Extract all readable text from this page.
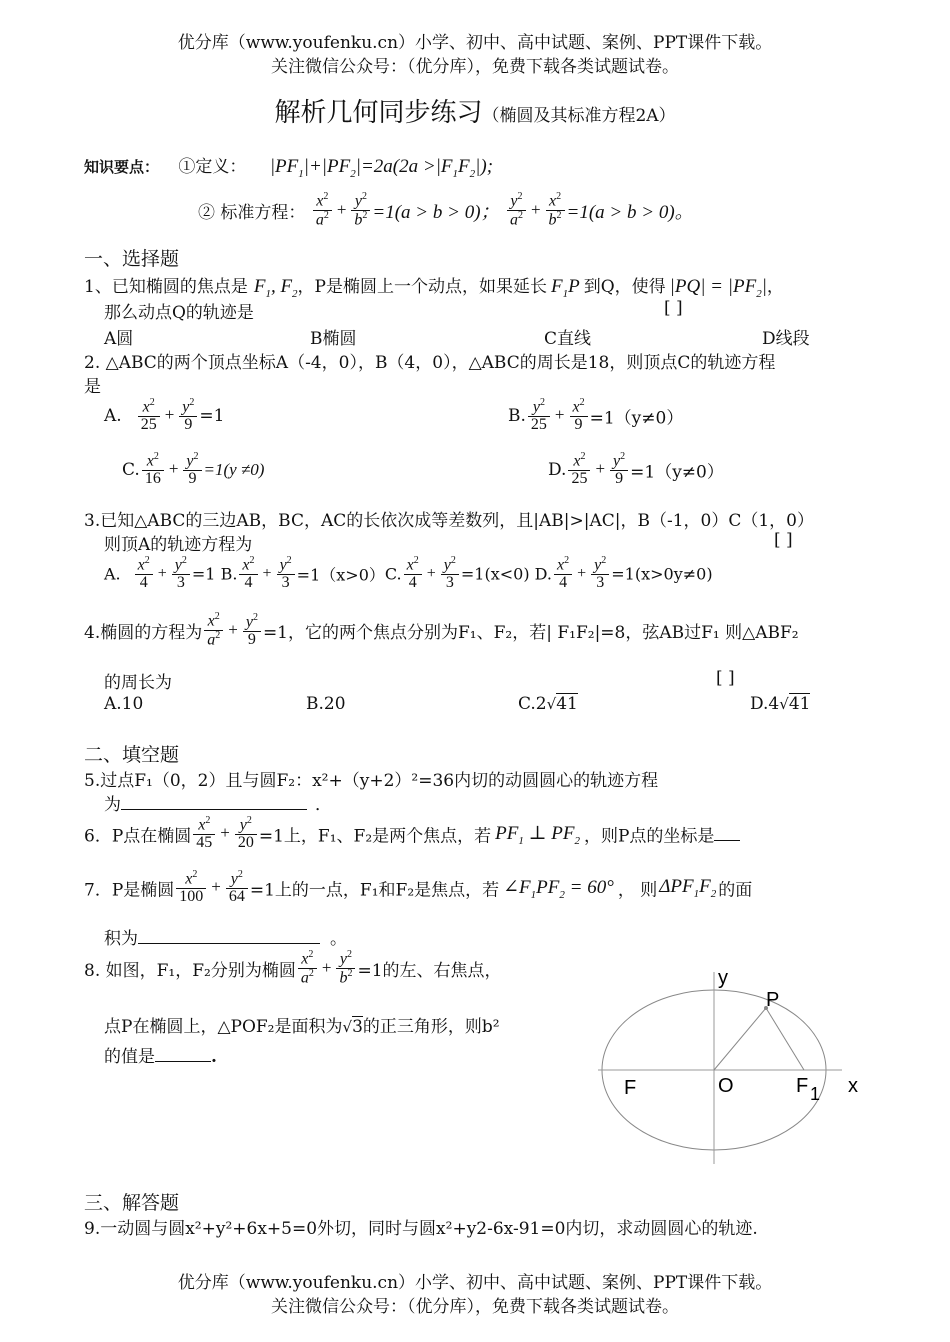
优分库（www.youfenku.cn）小学、初中、高中试题、案例、PPT课件下载。
关注微信公众号：（优分库），免费下载各类试题试卷。
解析几何同步练习（椭圆及其标准方程2A）
知识要点： ①定义： $|PF_1|+|PF_2|=2a(2a >|F_1F_2|)$;
② 标准方程： $\frac{x^2}{a^2} + \frac{y^2}{b^2} =1(a > b > 0)$； $\frac{y^2}{a^2} + \frac{x^2}{b^2} =1(a > b > 0)$。
一、选择题
1、已知椭圆的焦点是 $F_1$, $F_2$，P是椭圆上一个动点，如果延长 $F_1P$ 到Q，使得 $|PQ| = |PF_2|$，
那么动点Q的轨迹是	[ ]
A圆	B椭圆	C直线	D线段
2. △ABC的两个顶点坐标A（-4，0），B（4，0），△ABC的周长是18，则顶点C的轨迹方程
是
A. $\frac{x^2}{25} + \frac{y^2}{9} =1$	B. $\frac{y^2}{25} + \frac{x^2}{9} =1(y\ne 0)$
C. $\frac{x^2}{16} + \frac{y^2}{9} =1(y \ne 0)$	D. $\frac{x^2}{25} + \frac{y^2}{9} =1(y\ne 0)$
3.已知△ABC的三边AB，BC，AC的长依次成等差数列，且|AB|>|AC|，B（-1，0）C（1，0）
则顶A的轨迹方程为	[ ]
A. $\frac{x^2}{4} + \frac{y^2}{3} =1$ B. $\frac{x^2}{4} + \frac{y^2}{3} =1(x>0)C$. $\frac{x^2}{4} + \frac{y^2}{3} =1(x<0)$ D. $\frac{x^2}{4} + \frac{y^2}{3} =1(x>0y\ne 0)$
4.椭圆的方程为 $\frac{x^2}{a^2} + \frac{y^2}{9} =1$，它的两个焦点分别为F₁、F₂，若| F₁F₂|=8，弦AB过F₁ 则△ABF₂
的周长为	[ ]
A.10	B.20	C.2√41	D.4√41
二、填空题
5.过点F₁（0，2）且与圆F₂：x²+（y+2）²=36内切的动圆圆心的轨迹方程
为	．
6．P点在椭圆 $\frac{x^2}{45} + \frac{y^2}{20} =1$上，F₁、F₂是两个焦点，若 $PF_1$ ⊥ $PF_2$ ，则P点的坐标是
7．P是椭圆 $\frac{x^2}{100} + \frac{y^2}{64} =1$上的一点，F₁和F₂是焦点，若 $\angle F_1PF_2 = 60^\circ$ ， 则 $\Delta PF_1F_2$ 的面
积为	。
8. 如图，F₁，F₂分别为椭圆 $\frac{x^2}{a^2} + \frac{y^2}{b^2} =1$的左、右焦点，
点P在椭圆上，△POF₂是面积为√3的正三角形，则b²
的值是	.
y
P
O
F	F 1 x
三、解答题
9.一动圆与圆x²+y²+6x+5=0外切，同时与圆x²+y2-6x-91=0内切，求动圆圆心的轨迹.
优分库（www.youfenku.cn）小学、初中、高中试题、案例、PPT课件下载。
关注微信公众号：（优分库），免费下载各类试题试卷。
